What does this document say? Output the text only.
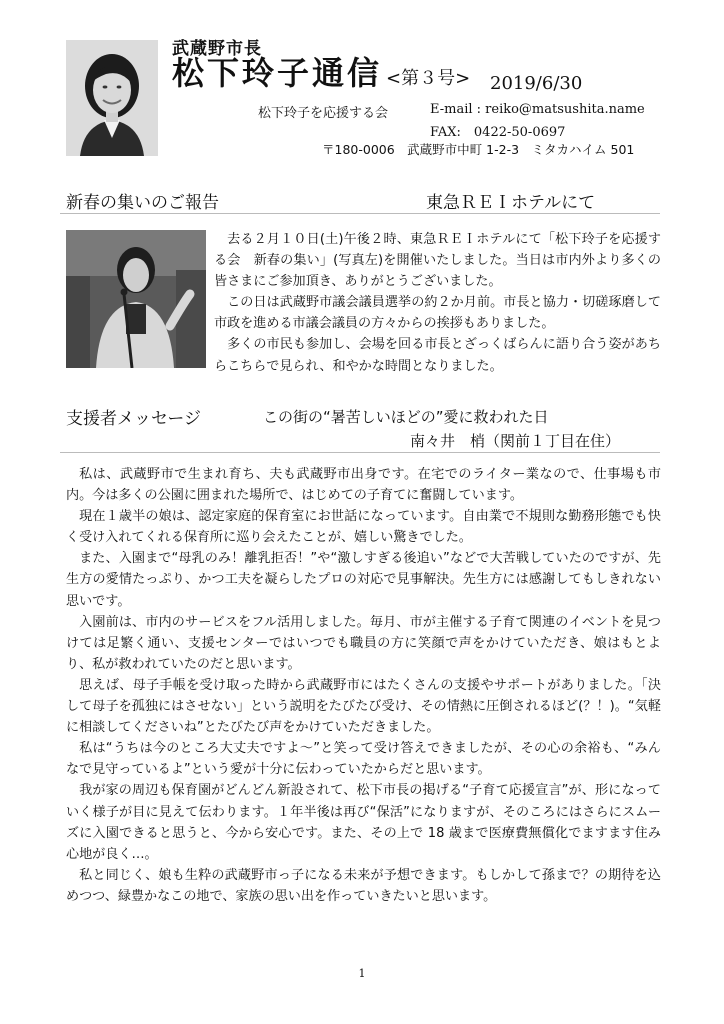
武蔵野市長
松下玲子通信 <第３号> 2019/6/30
松下玲子を応援する会	E-mail : reiko@matsushita.name
FAX:　0422-50-0697
〒180-0006　武蔵野市中町 1-2-3　ミタカハイム 501
新春の集いのご報告	東急ＲＥＩホテルにて

去る２月１０日(土)午後２時、東急ＲＥＩホテルにて「松下玲子を応援する会　新春の集い」(写真左)を開催いたしました。当日は市内外より多くの皆さまにご参加頂き、ありがとうございました。

この日は武蔵野市議会議員選挙の約２か月前。市長と協力・切磋琢磨して市政を進める市議会議員の方々からの挨拶もありました。

多くの市民も参加し、会場を回る市長とざっくばらんに語り合う姿があちらこちらで見られ、和やかな時間となりました。

支援者メッセージ	この街の“暑苦しいほどの”愛に救われた日
南々井　梢（関前１丁目在住）

私は、武蔵野市で生まれ育ち、夫も武蔵野市出身です。在宅でのライター業なので、仕事場も市内。今は多くの公園に囲まれた場所で、はじめての子育てに奮闘しています。

現在１歳半の娘は、認定家庭的保育室にお世話になっています。自由業で不規則な勤務形態でも快く受け入れてくれる保育所に巡り会えたことが、嬉しい驚きでした。

また、入園まで“母乳のみ！離乳拒否！”や“激しすぎる後追い”などで大苦戦していたのですが、先生方の愛情たっぷり、かつ工夫を凝らしたプロの対応で見事解決。先生方には感謝してもしきれない思いです。

入園前は、市内のサービスをフル活用しました。毎月、市が主催する子育て関連のイベントを見つけては足繁く通い、支援センターではいつでも職員の方に笑顔で声をかけていただき、娘はもとより、私が救われていたのだと思います。

思えば、母子手帳を受け取った時から武蔵野市にはたくさんの支援やサポートがありました。「決して母子を孤独にはさせない」という説明をたびたび受け、その情熱に圧倒されるほど(？！)。“気軽に相談してくださいね”とたびたび声をかけていただきました。

私は“うちは今のところ大丈夫ですよ～”と笑って受け答えできましたが、その心の余裕も、“みんなで見守っているよ”という愛が十分に伝わっていたからだと思います。

我が家の周辺も保育園がどんどん新設されて、松下市長の掲げる“子育て応援宣言”が、形になっていく様子が目に見えて伝わります。１年半後は再び“保活”になりますが、そのころにはさらにスムーズに入園できると思うと、今から安心です。また、その上で 18 歳まで医療費無償化でますます住み心地が良く…。

私と同じく、娘も生粋の武蔵野市っ子になる未来が予想できます。もしかして孫まで？の期待を込めつつ、緑豊かなこの地で、家族の思い出を作っていきたいと思います。

1
